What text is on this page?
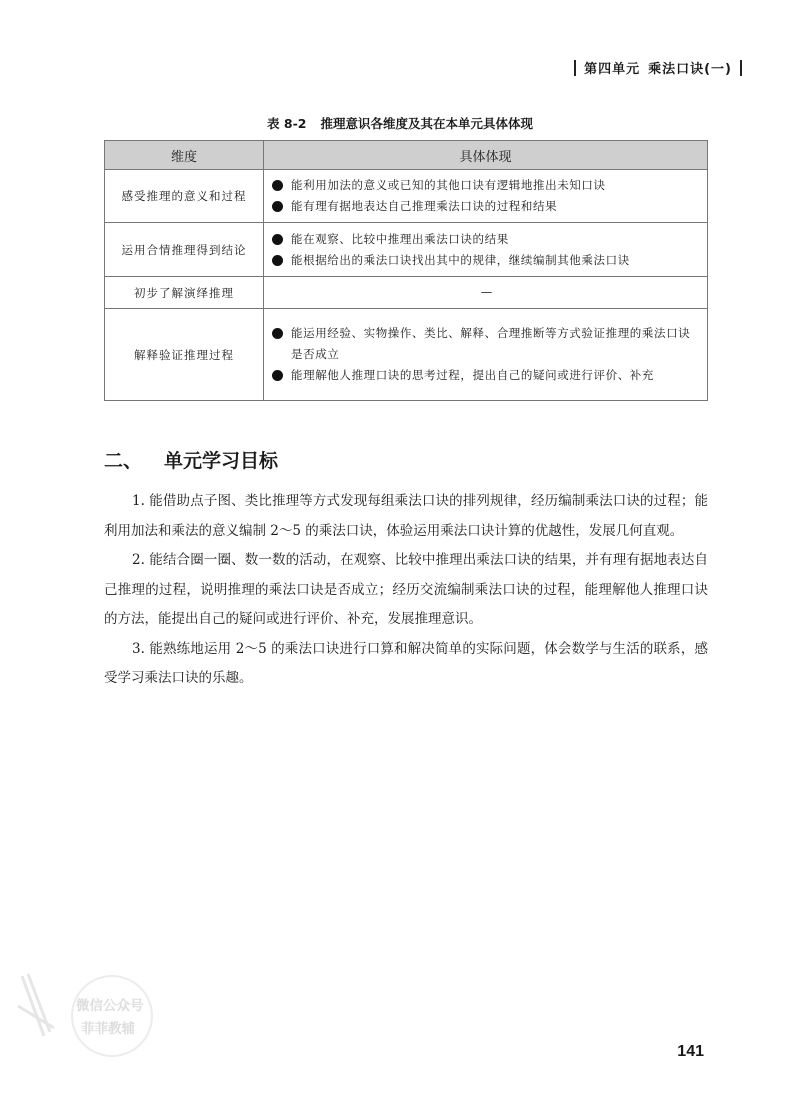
第四单元 乘法口诀(一)
表 8-2 推理意识各维度及其在本单元具体体现
维度	具体体现
感受推理的意义和过程	能利用加法的意义或已知的其他口诀有逻辑地推出未知口诀
能有理有据地表达自己推理乘法口诀的过程和结果

运用合情推理得到结论	能在观察、比较中推理出乘法口诀的结果
能根据给出的乘法口诀找出其中的规律，继续编制其他乘法口诀

初步了解演绎推理	—
解释验证推理过程	能运用经验、实物操作、类比、解释、合理推断等方式验证推理的乘法口诀是否成立
能理解他人推理口诀的思考过程，提出自己的疑问或进行评价、补充
二、 单元学习目标

1. 能借助点子图、类比推理等方式发现每组乘法口诀的排列规律，经历编制乘法口诀的过程；能利用加法和乘法的意义编制 2～5 的乘法口诀，体验运用乘法口诀计算的优越性，发展几何直观。

2. 能结合圈一圈、数一数的活动，在观察、比较中推理出乘法口诀的结果，并有理有据地表达自己推理的过程，说明推理的乘法口诀是否成立；经历交流编制乘法口诀的过程，能理解他人推理口诀的方法，能提出自己的疑问或进行评价、补充，发展推理意识。

3. 能熟练地运用 2～5 的乘法口诀进行口算和解决简单的实际问题，体会数学与生活的联系，感受学习乘法口诀的乐趣。

微信公众号
菲菲教辅
141
